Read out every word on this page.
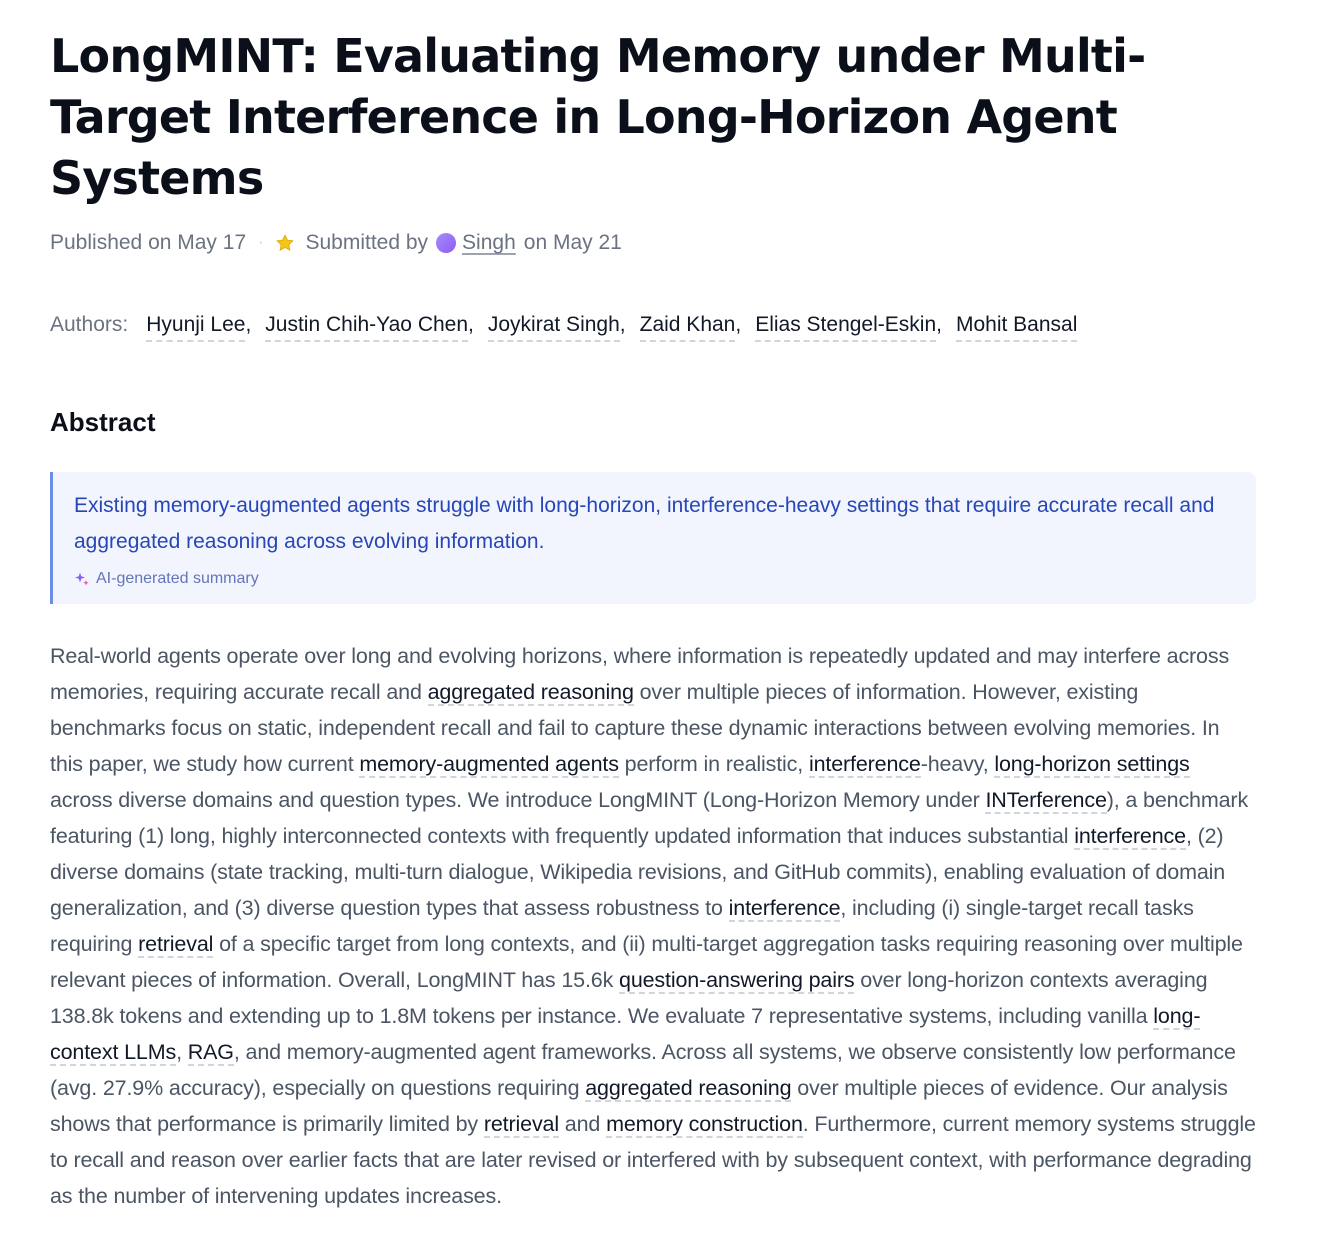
LongMINT: Evaluating Memory under Multi-Target Interference in Long-Horizon Agent Systems
Published on May 17 · Submitted by Singh on May 21
Authors: Hyunji Lee , Justin Chih-Yao Chen , Joykirat Singh , Zaid Khan , Elias Stengel-Eskin , Mohit Bansal
Abstract
Existing memory-augmented agents struggle with long-horizon, interference-heavy settings that require accurate recall and aggregated reasoning across evolving information.
AI-generated summary

Real-world agents operate over long and evolving horizons, where information is repeatedly updated and may interfere across memories, requiring accurate recall and aggregated reasoning over multiple pieces of information. However, existing benchmarks focus on static, independent recall and fail to capture these dynamic interactions between evolving memories. In this paper, we study how current memory-augmented agents perform in realistic, interference-heavy, long-horizon settings across diverse domains and question types. We introduce LongMINT (Long-Horizon Memory under INTerference), a benchmark featuring (1) long, highly interconnected contexts with frequently updated information that induces substantial interference, (2) diverse domains (state tracking, multi-turn dialogue, Wikipedia revisions, and GitHub commits), enabling evaluation of domain generalization, and (3) diverse question types that assess robustness to interference, including (i) single-target recall tasks requiring retrieval of a specific target from long contexts, and (ii) multi-target aggregation tasks requiring reasoning over multiple relevant pieces of information. Overall, LongMINT has 15.6k question-answering pairs over long-horizon contexts averaging 138.8k tokens and extending up to 1.8M tokens per instance. We evaluate 7 representative systems, including vanilla long-context LLMs, RAG, and memory-augmented agent frameworks. Across all systems, we observe consistently low performance (avg. 27.9% accuracy), especially on questions requiring aggregated reasoning over multiple pieces of evidence. Our analysis shows that performance is primarily limited by retrieval and memory construction. Furthermore, current memory systems struggle to recall and reason over earlier facts that are later revised or interfered with by subsequent context, with performance degrading as the number of intervening updates increases.
